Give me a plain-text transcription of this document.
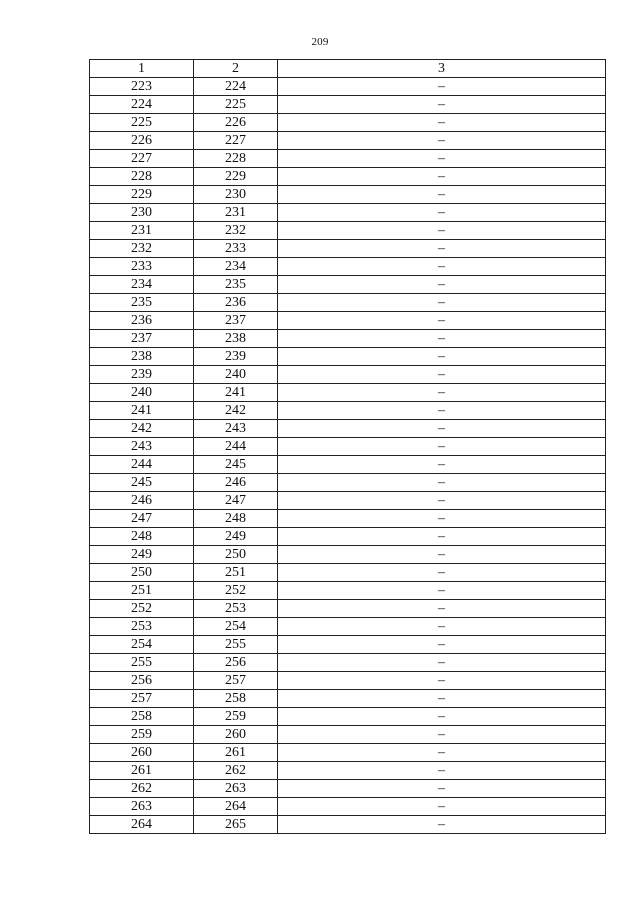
209
1	2	3
223	224	–
224	225	–
225	226	–
226	227	–
227	228	–
228	229	–
229	230	–
230	231	–
231	232	–
232	233	–
233	234	–
234	235	–
235	236	–
236	237	–
237	238	–
238	239	–
239	240	–
240	241	–
241	242	–
242	243	–
243	244	–
244	245	–
245	246	–
246	247	–
247	248	–
248	249	–
249	250	–
250	251	–
251	252	–
252	253	–
253	254	–
254	255	–
255	256	–
256	257	–
257	258	–
258	259	–
259	260	–
260	261	–
261	262	–
262	263	–
263	264	–
264	265	–
